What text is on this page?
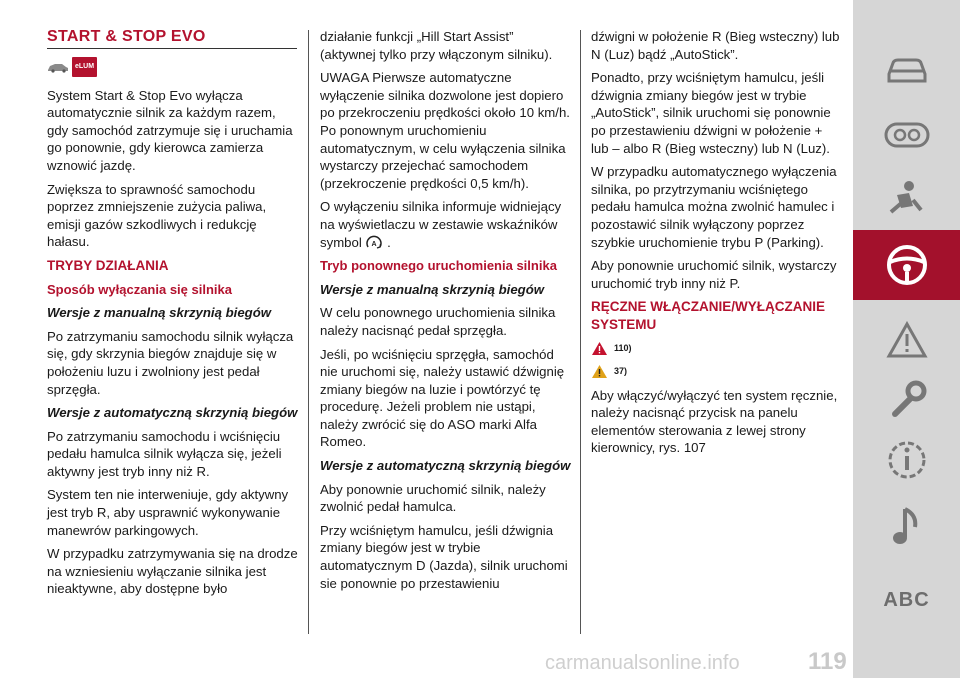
START & STOP EVO
eLUM

System Start & Stop Evo wyłącza automatycznie silnik za każdym razem, gdy samochód zatrzymuje się i uruchamia go ponownie, gdy kierowca zamierza wznowić jazdę.

Zwiększa to sprawność samochodu poprzez zmniejszenie zużycia paliwa, emisji gazów szkodliwych i redukcję hałasu.

TRYBY DZIAŁANIA
Sposób wyłączania się silnika
Wersje z manualną skrzynią biegów

Po zatrzymaniu samochodu silnik wyłącza się, gdy skrzynia biegów znajduje się w położeniu luzu i zwolniony jest pedał sprzęgła.

Wersje z automatyczną skrzynią biegów

Po zatrzymaniu samochodu i wciśnięciu pedału hamulca silnik wyłącza się, jeżeli aktywny jest tryb inny niż R.

System ten nie interweniuje, gdy aktywny jest tryb R, aby usprawnić wykonywanie manewrów parkingowych.

W przypadku zatrzymywania się na drodze na wzniesieniu wyłączanie silnika jest nieaktywne, aby dostępne było

działanie funkcji „Hill Start Assist” (aktywnej tylko przy włączonym silniku).

UWAGA Pierwsze automatyczne wyłączenie silnika dozwolone jest dopiero po przekroczeniu prędkości około 10 km/h. Po ponownym uruchomieniu automatycznym, w celu wyłączenia silnika wystarczy przejechać samochodem (przekroczenie prędkości 0,5 km/h).

O wyłączeniu silnika informuje widniejący na wyświetlaczu w zestawie wskaźników symbol A .

Tryb ponownego uruchomienia silnika
Wersje z manualną skrzynią biegów

W celu ponownego uruchomienia silnika należy nacisnąć pedał sprzęgła.

Jeśli, po wciśnięciu sprzęgła, samochód nie uruchomi się, należy ustawić dźwignię zmiany biegów na luzie i powtórzyć tę procedurę. Jeżeli problem nie ustąpi, należy zwrócić się do ASO marki Alfa Romeo.

Wersje z automatyczną skrzynią biegów

Aby ponownie uruchomić silnik, należy zwolnić pedał hamulca.

Przy wciśniętym hamulcu, jeśli dźwignia zmiany biegów jest w trybie automatycznym D (Jazda), silnik uruchomi sie ponownie po przestawieniu

dźwigni w położenie R (Bieg wsteczny) lub N (Luz) bądź „AutoStick”.

Ponadto, przy wciśniętym hamulcu, jeśli dźwignia zmiany biegów jest w trybie „AutoStick”, silnik uruchomi się ponownie po przestawieniu dźwigni w położenie + lub – albo R (Bieg wsteczny) lub N (Luz).

W przypadku automatycznego wyłączenia silnika, po przytrzymaniu wciśniętego pedału hamulca można zwolnić hamulec i pozostawić silnik wyłączony poprzez szybkie uruchomienie trybu P (Parking).

Aby ponownie uruchomić silnik, wystarczy uruchomić tryb inny niż P.

RĘCZNE WŁĄCZANIE/WYŁĄCZANIE SYSTEMU
110)
37)

Aby włączyć/wyłączyć ten system ręcznie, należy nacisnąć przycisk na panelu elementów sterowania z lewej strony kierownicy, rys. 107

ABC
carmanualsonline.info	119
